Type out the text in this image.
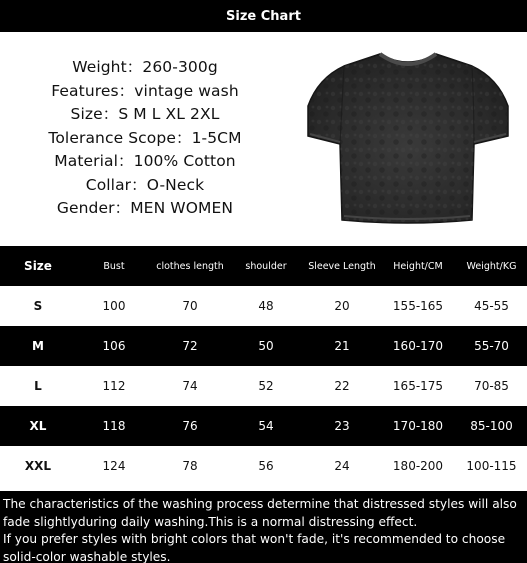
Size Chart
Weight：260-300g
Features：vintage wash
Size：S M L XL 2XL
Tolerance Scope：1-5CM
Material：100% Cotton
Collar：O-Neck
Gender：MEN WOMEN
Size	Bust	clothes length	shoulder	Sleeve Length	Height/CM	Weight/KG
S	100	70	48	20	155-165	45-55
M	106	72	50	21	160-170	55-70
L	112	74	52	22	165-175	70-85
XL	118	76	54	23	170-180	85-100
XXL	124	78	56	24	180-200	100-115
The characteristics of the washing process determine that distressed styles will also
fade slightlyduring daily washing.This is a normal distressing effect.
If you prefer styles with bright colors that won't fade, it's recommended to choose
solid-color washable styles.
